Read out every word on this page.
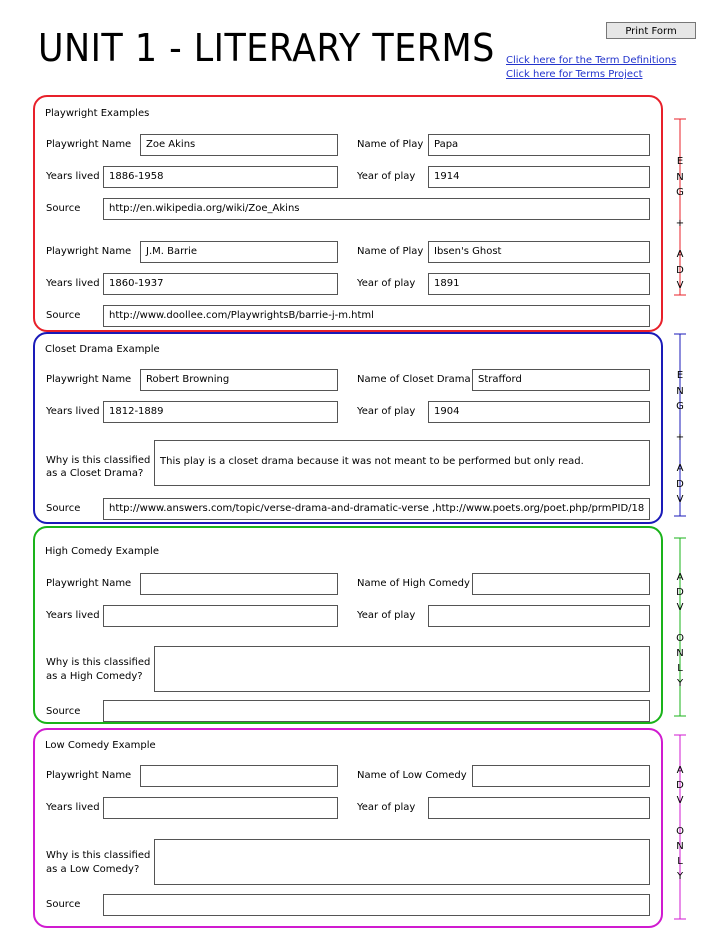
UNIT 1 - LITERARY TERMS	Print Form
Click here for the Term Definitions
Click here for Terms Project
Playwright Examples
Playwright Name	Zoe Akins	Name of Play	Papa
Years lived 1886-1958	Year of play	1914
Source	http://en.wikipedia.org/wiki/Zoe_Akins
Playwright Name	J.M. Barrie	Name of Play	Ibsen's Ghost
Years lived 1860-1937	Year of play	1891
Source	http://www.doollee.com/PlaywrightsB/barrie-j-m.html
Closet Drama Example
Playwright Name	Robert Browning	Name of Closet Drama Strafford
Years lived 1812-1889	Year of play	1904
Why is this classified
as a Closet Drama?
This play is a closet drama because it was not meant to be performed but only read.
Source	http://www.answers.com/topic/verse-drama-and-dramatic-verse ,http://www.poets.org/poet.php/prmPID/18
High Comedy Example
Playwright Name	Name of High Comedy
Years lived	Year of play
Why is this classified
as a High Comedy?
Source
Low Comedy Example
Playwright Name	Name of Low Comedy
Years lived	Year of play
Why is this classified
as a Low Comedy?
Source
E
N
G
+
A
D
V
E
N
G
+
A
D
V
A
D
V
O
N
L
Y
A
D
V
O
N
L
Y
